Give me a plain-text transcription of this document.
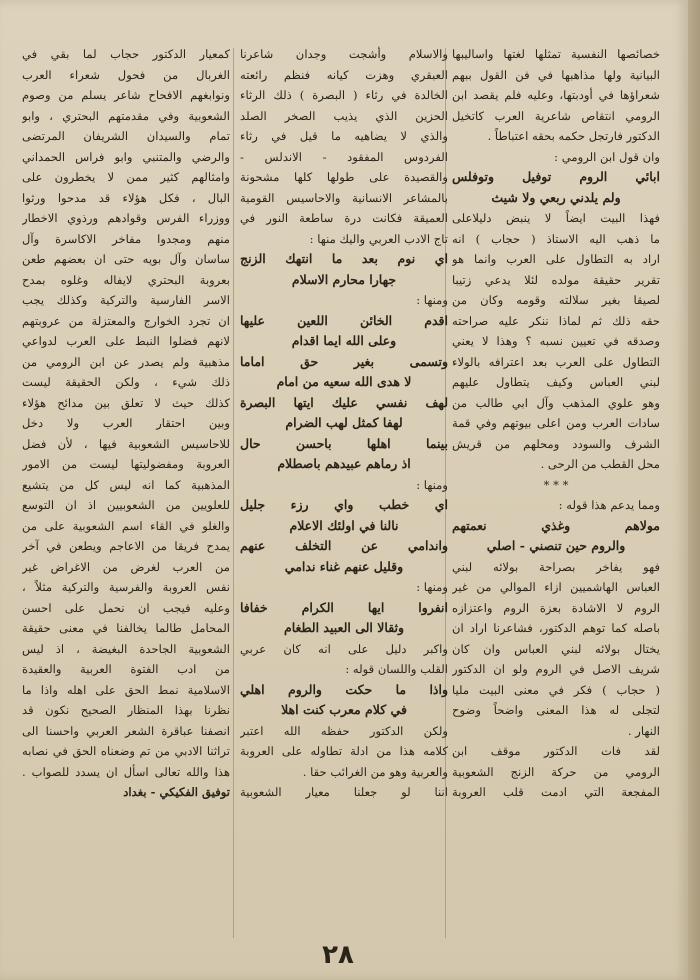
خصائصها النفسية تمثلها لغتها واساليبها
البيانية ولها مذاهبها في فن القول ببهم
شعراؤها في أودبتها، وعليه فلم يقصد ابن
الرومي انتقاص شاعرية العرب كاتخيل
الدكتور فارتجل حكمه بحقه اعتباطاً .
وان قول ابن الرومي :
ابائي الروم توفيل وتوفلس
ولم يلدني ربعي ولا شيث
فهذا البيت ايضاً لا ينبض دليلاعلى
ما ذهب اليه الاستاذ ( حجاب ) انه
اراد به التطاول على العرب وانما هو
تقرير حقيقة مولده لئلا يدعي زتيبا
لصيقا بغير سلالته وقومه وكان من
حقه ذلك ثم لماذا ننكر عليه صراحته
وصدقه في تعيين نسبه ؟ وهذا لا يعني
التطاول على العرب بعد اعترافه بالولاء
لبني العباس وكيف يتطاول عليهم
وهو علوي المذهب وآل ابي طالب من
سادات العرب ومن اعلى بيوتهم وفي قمة
الشرف والسودد ومحلهم من قريش
محل القطب من الرحى .
* * *
ومما يدعم هذا قوله :
مولاهم وغذي نعمتهم
والروم حين تنصني - اصلي
فهو يفاخر بصراحة بولائه لبني
العباس الهاشميين ازاء الموالي من غير
الروم لا الاشادة بعزة الروم واعتزازه
باصله كما توهم الدكتور، فشاعرنا اراد ان
يختال بولائه لبني العباس وان كان
شريف الاصل في الروم ولو ان الدكتور
( حجاب ) فكر في معنى البيت مليا
لتجلى له هذا المعنى واضحاً وضوح
النهار .
لقد فات الدكتور موقف ابن
الرومي من حركة الزنج الشعوبية
المفجعة التي ادمت قلب العروبة
والاسلام وأشجت وجدان شاعرنا
العبقري وهزت كيانه فنظم رائعته
الخالدة في رثاء ( البصرة ) ذلك الرثاء
الحزين الذي يذيب الصخر الصلد
والذي لا يضاهيه ما قيل في رثاء
الفردوس المفقود - الاندلس -
والقصيدة على طولها كلها مشحونة
بالمشاعر الانسانية والاحاسيس القومية
العميقة فكانت درة ساطعة النور في
تاج الادب العربي واليك منها :
اي نوم بعد ما انتهك الزنج
جهارا محارم الاسلام
ومنها :
اقدم الخائن اللعين عليها
وعلى الله ايما اقدام
وتسمى بغير حق اماما
لا هدى الله سعيه من امام
لهف نفسي عليك ايتها البصرة
لهفا كمثل لهب الضرام
بينما اهلها باحسن حال
اذ رماهم عبيدهم باصطلام
ومنها :
اي خطب واي رزء جليل
نالنا في اولئك الاعلام
واندامي عن التخلف عنهم
وقليل عنهم غناء ندامي
ومنها :
انفروا ايها الكرام خفافا
وثقالا الى العبيد الطغام
واكبر دليل على انه كان عربي
القلب واللسان قوله :
واذا ما حكت والروم اهلي
في كلام معرب كنت اهلا
ولكن الدكتور حفظه الله اعتبر
كلامه هذا من ادلة تطاوله على العروبة
والعربية وهو من الغرائب حقا .
اننا لو جعلنا معيار الشعوبية
كمعيار الدكتور حجاب لما بقي في
الغربال من فحول شعراء العرب
ونوابغهم الافحاح شاعر يسلم من وصوم
الشعوبية وفي مقدمتهم البحتري ، وابو
تمام والسيدان الشريفان المرتضى
والرضي والمتنبي وابو فراس الحمداني
وامثالهم كثير ممن لا يخطرون على
البال ، فكل هؤلاء قد مدحوا ورثوا
ووزراء الفرس وقوادهم ورذوي الاخطار
منهم ومجدوا مفاخر الاكاسرة وآل
ساسان وآل بويه حتى ان بعضهم طعن
بعروبة البحتري لايفاله وغلوه بمدح
الاسر الفارسية والتركية وكذلك يجب
ان تجرد الخوارج والمعتزلة من عروبتهم
لانهم فضلوا النبط على العرب لدواعي
مذهبية ولم يصدر عن ابن الرومي من
ذلك شيء ، ولكن الحقيقة ليست
كذلك حيث لا تعلق بين مدائح هؤلاء
وبين احتقار العرب ولا دخل
للاحاسيس الشعوبية فيها ، لأن فضل
العروبة ومفضوليتها ليست من الامور
المذهبية كما انه ليس كل من يتشيع
للعلويين من الشعوبيين اذ ان التوسع
والغلو في القاء اسم الشعوبية على من
يمدح فريقا من الاعاجم ويطعن في آخر
من العرب لغرض من الاغراض غير
نفس العروبة والفرسية والتركية مثلاً ،
وعليه فيجب ان نحمل على احسن
المحامل طالما يخالفنا في معنى حقيقة
الشعوبية الجاحدة البغيضة ، اذ ليس
من ادب الفتوة العربية والعقيدة
الاسلامية نمط الحق على اهله واذا ما
نظرنا بهذا المنظار الصحيح نكون قد
انصفنا عباقرة الشعر العربي واحسنا الى
تراثنا الادبي من تم وضعناه الحق في نصابه
هذا والله تعالى اسأل ان يسدد للصواب .
توفيق الفكيكي - بغداد
٢٨
